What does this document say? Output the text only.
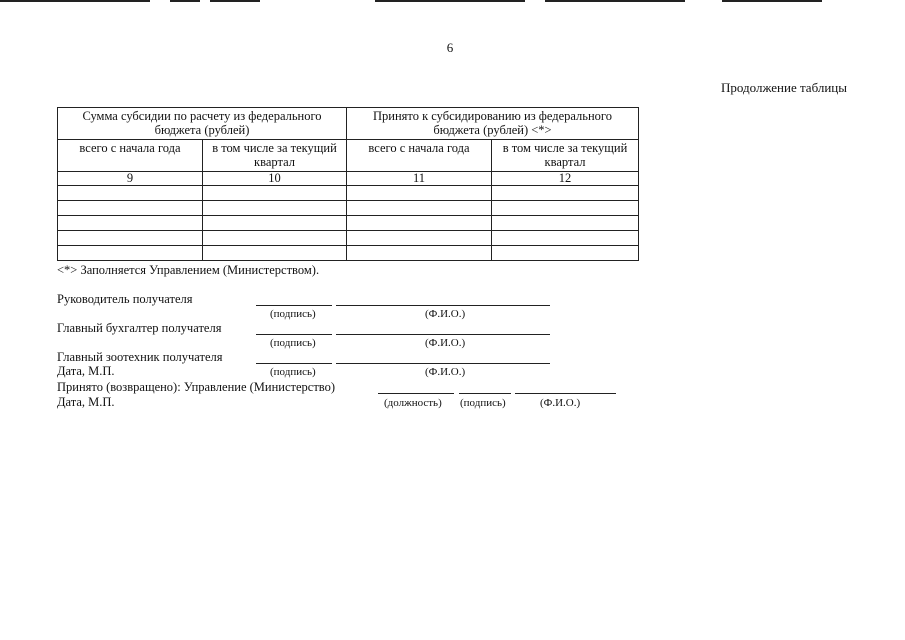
6
Продолжение таблицы
Сумма субсидии по расчету из федерального бюджета (рублей)		Принято к субсидированию из федерального бюджета (рублей) <*>	
всего с начала года	в том числе за текущий квартал	всего с начала года	в том числе за текущий квартал
9	10	11	12

<*> Заполняется Управлением (Министерством).
Руководитель получателя
(подпись)	(Ф.И.О.)
Главный бухгалтер получателя
(подпись)	(Ф.И.О.)
Главный зоотехник получателя
Дата, М.П.	(подпись)	(Ф.И.О.)
Принято (возвращено): Управление (Министерство)
Дата, М.П.	(должность) (подпись)	(Ф.И.О.)
